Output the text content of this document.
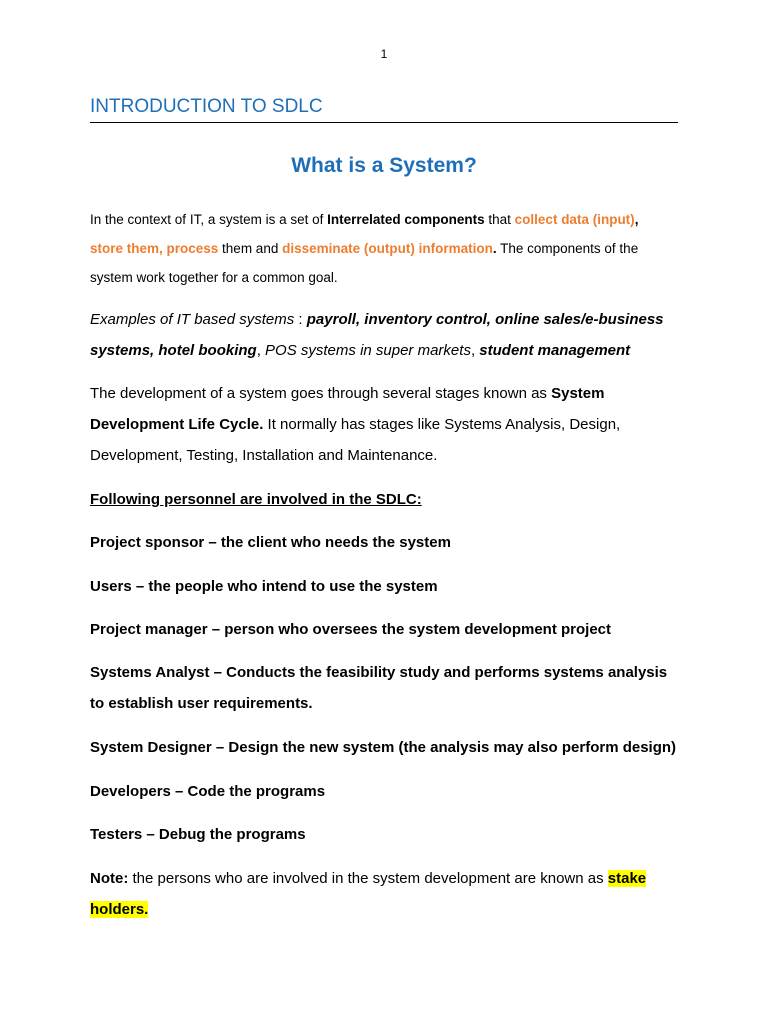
1
INTRODUCTION TO SDLC
What is a System?

In the context of IT, a system is a set of Interrelated components that collect data (input),
store them, process them and disseminate (output) information. The components of the system work together for a common goal.

Examples of IT based systems : payroll, inventory control, online sales/e-business systems, hotel booking, POS systems in super markets, student management

The development of a system goes through several stages known as System Development Life Cycle. It normally has stages like Systems Analysis, Design, Development, Testing, Installation and Maintenance.

Following personnel are involved in the SDLC:

Project sponsor – the client who needs the system

Users – the people who intend to use the system

Project manager – person who oversees the system development project

Systems Analyst – Conducts the feasibility study and performs systems analysis to establish user requirements.

System Designer – Design the new system (the analysis may also perform design)

Developers – Code the programs

Testers – Debug the programs

Note: the persons who are involved in the system development are known as stake holders.
